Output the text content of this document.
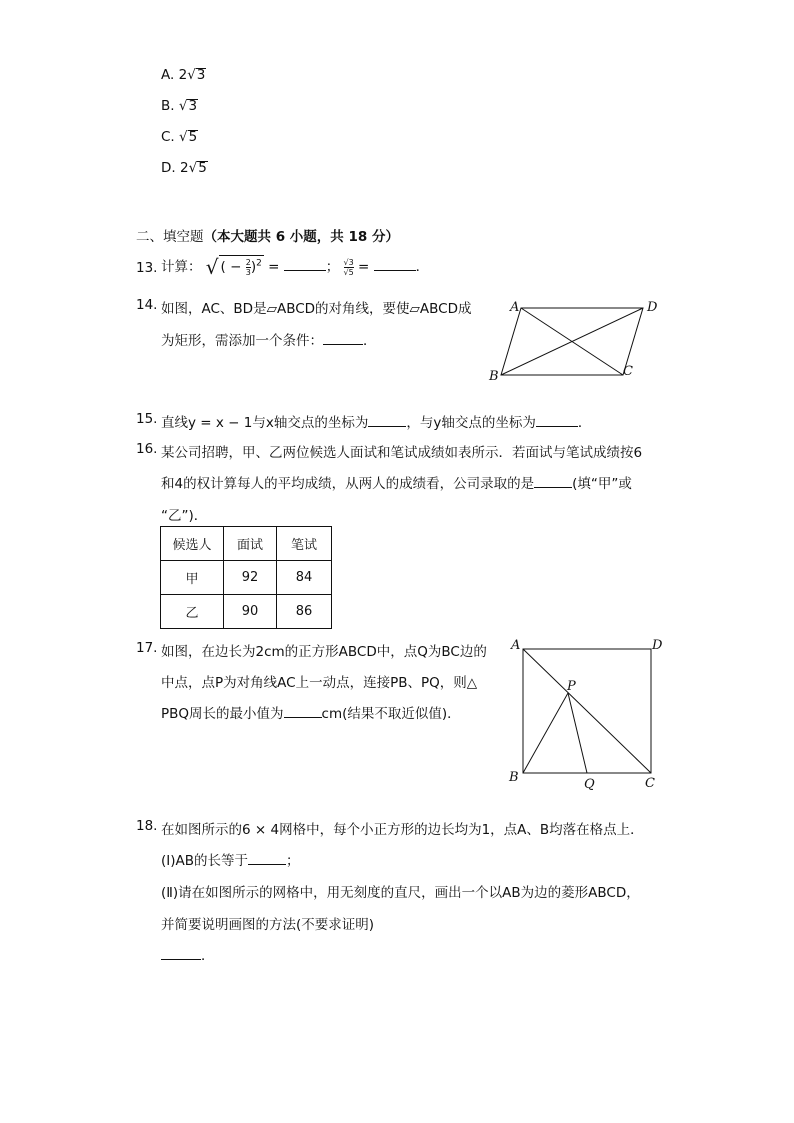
A. 2√3
B. √3
C. √5
D. 2√5
二、填空题（本大题共 6 小题，共 18 分）
13. 计算： √ ( − $\frac{2}{3} )^2$ =	； $\frac{√3}{√5}$ =	．
14. 如图，AC、BD是▱ABCD的对角线，要使▱ABCD成
为矩形，需添加一个条件：	．
A	D
B	C
15. 直线y = x − 1与x轴交点的坐标为	，与y轴交点的坐标为	．
16. 某公司招聘，甲、乙两位候选人面试和笔试成绩如表所示．若面试与笔试成绩按6
和4的权计算每人的平均成绩，从两人的成绩看，公司录取的是	(填“甲”或
“乙”)．
候选人	面试	笔试
甲	92	84
乙	90	86
17. 如图，在边长为2cm的正方形ABCD中，点Q为BC边的
中点，点P为对角线AC上一动点，连接PB、PQ，则△
PBQ周长的最小值为	cm(结果不取近似值)．
A	D
P
B	Q	C
18. 在如图所示的6 × 4网格中，每个小正方形的边长均为1，点A、B均落在格点上．
(Ⅰ)AB的长等于	；
(Ⅱ)请在如图所示的网格中，用无刻度的直尺，画出一个以AB为边的菱形ABCD，
并简要说明画图的方法(不要求证明)
．
